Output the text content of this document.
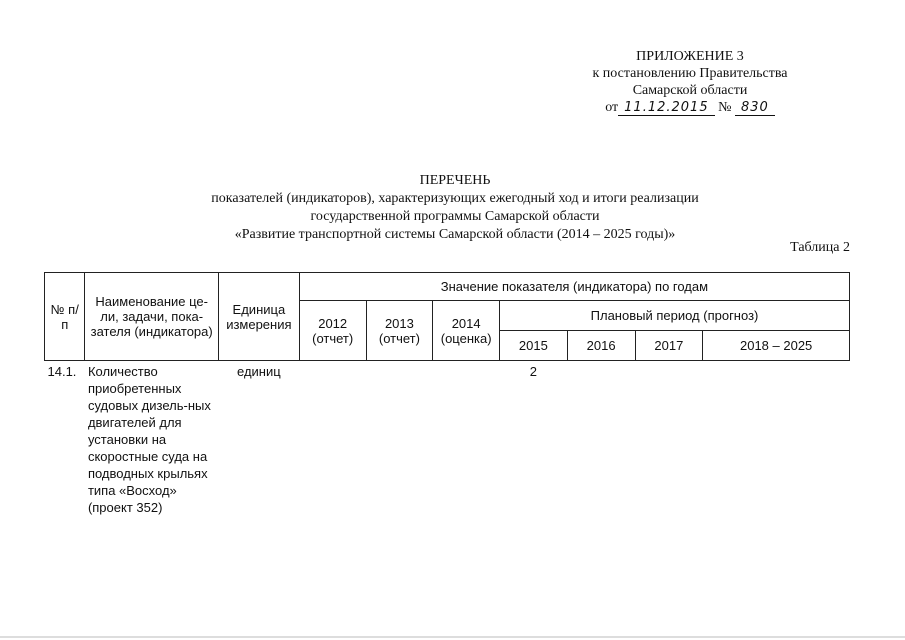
ПРИЛОЖЕНИЕ 3
к постановлению Правительства
Самарской области
от 11.12.2015 № 830
ПЕРЕЧЕНЬ
показателей (индикаторов), характеризующих ежегодный ход и итоги реализации
государственной программы Самарской области
«Развитие транспортной системы Самарской области (2014 – 2025 годы)»
Таблица 2
№ п/п	Наименование це-ли, задачи, пока-зателя (индикатора)	Единица измерения	Значение показателя (индикатора) по годам						
			2012 (отчет)	2013 (отчет)	2014 (оценка)	Плановый период (прогноз)			
						2015	2016	2017	2018 – 2025
14.1.	Количество приобретенных судовых дизель-ных двигателей для установки на скоростные суда на подводных крыльях типа «Восход» (проект 352)	единиц				2			
